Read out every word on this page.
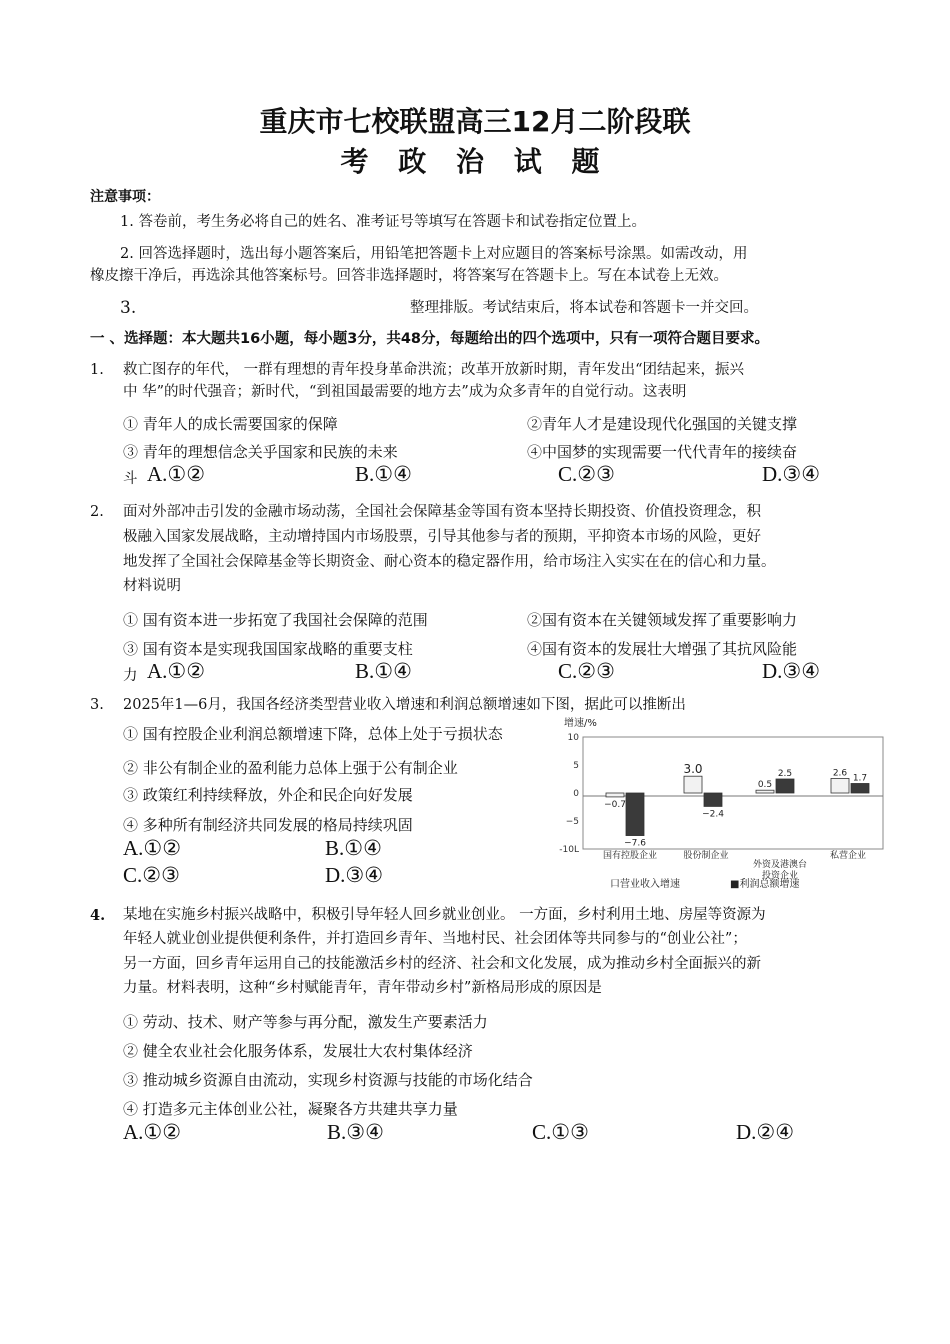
重庆市七校联盟高三12月二阶段联
考 政 治 试 题
注意事项：
1. 答卷前，考生务必将自己的姓名、准考证号等填写在答题卡和试卷指定位置上。
2. 回答选择题时，选出每小题答案后，用铅笔把答题卡上对应题目的答案标号涂黑。如需改动，用
橡皮擦干净后，再选涂其他答案标号。回答非选择题时，将答案写在答题卡上。写在本试卷上无效。
3.	整理排版。考试结束后，将本试卷和答题卡一并交回。
一 、选择题：本大题共16小题，每小题3分，共48分，每题给出的四个选项中，只有一项符合题目要求。
1. 救亡图存的年代， 一群有理想的青年投身革命洪流；改革开放新时期，青年发出“团结起来，振兴
中 华”的时代强音；新时代，“到祖国最需要的地方去”成为众多青年的自觉行动。这表明
① 青年人的成长需要国家的保障	②青年人才是建设现代化强国的关键支撑
③ 青年的理想信念关乎国家和民族的未来	④中国梦的实现需要一代代青年的接续奋
斗 A.①②	B.①④	C.②③	D.③④
2. 面对外部冲击引发的金融市场动荡，全国社会保障基金等国有资本坚持长期投资、价值投资理念，积
极融入国家发展战略，主动增持国内市场股票，引导其他参与者的预期，平抑资本市场的风险，更好
地发挥了全国社会保障基金等长期资金、耐心资本的稳定器作用，给市场注入实实在在的信心和力量。
材料说明
① 国有资本进一步拓宽了我国社会保障的范围	②国有资本在关键领域发挥了重要影响力
③ 国有资本是实现我国国家战略的重要支柱	④国有资本的发展壮大增强了其抗风险能
力 A.①②	B.①④	C.②③	D.③④
3. 2025年1—6月，我国各经济类型营业收入增速和利润总额增速如下图，据此可以推断出
① 国有控股企业利润总额增速下降，总体上处于亏损状态
② 非公有制企业的盈利能力总体上强于公有制企业
③ 政策红利持续释放，外企和民企向好发展
④ 多种所有制经济共同发展的格局持续巩固
A.①②	B.①④
C.②③	D.③④
增速/%
10
5
0
−5
-10L
−0.7
3.0
0.5
2.6
−7.6
−2.4
2.5	1.7
国有控股企业	股份制企业
外资及港澳台
投资企业
私营企业
口营业收入增速	■利润总额增速
4. 某地在实施乡村振兴战略中，积极引导年轻人回乡就业创业。 一方面，乡村利用土地、房屋等资源为
年轻人就业创业提供便利条件，并打造回乡青年、当地村民、社会团体等共同参与的“创业公社”；
另一方面，回乡青年运用自己的技能激活乡村的经济、社会和文化发展，成为推动乡村全面振兴的新
力量。材料表明，这种“乡村赋能青年，青年带动乡村”新格局形成的原因是
① 劳动、技术、财产等参与再分配，激发生产要素活力
② 健全农业社会化服务体系，发展壮大农村集体经济
③ 推动城乡资源自由流动，实现乡村资源与技能的市场化结合
④ 打造多元主体创业公社，凝聚各方共建共享力量
A.①②	B.③④	C.①③	D.②④
